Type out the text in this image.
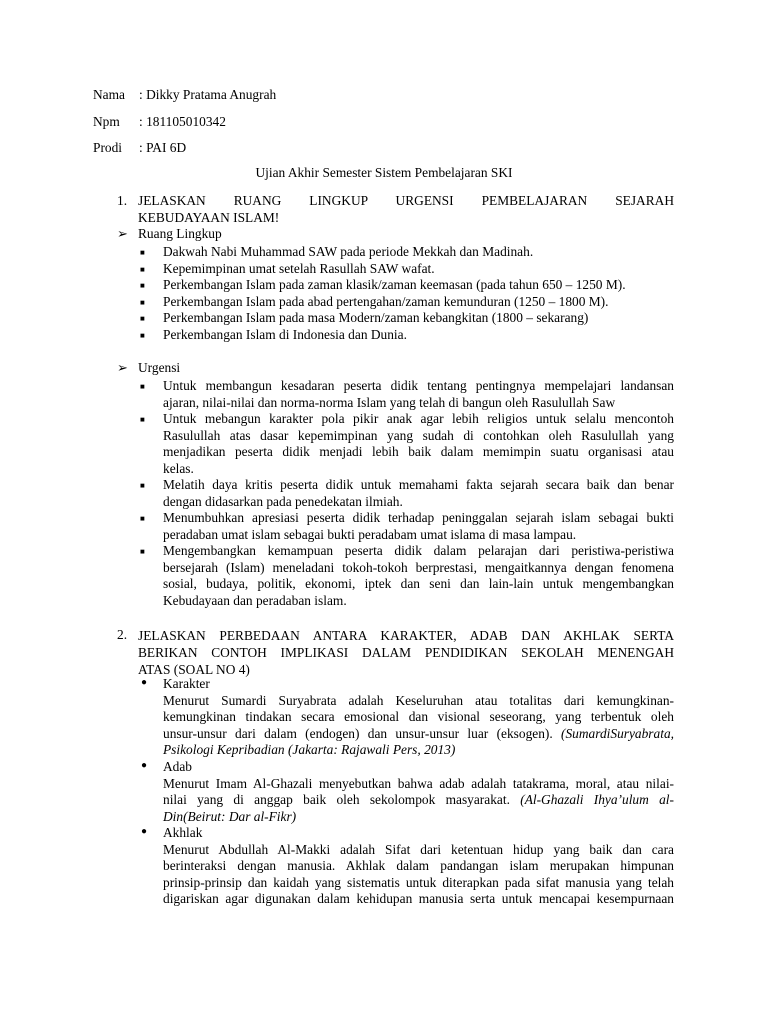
Nama : Dikky Pratama Anugrah
Npm : 181105010342
Prodi : PAI 6D
Ujian Akhir Semester Sistem Pembelajaran SKI
1. JELASKAN RUANG LINGKUP URGENSI PEMBELAJARAN SEJARAH
KEBUDAYAAN ISLAM!
➢ Ruang Lingkup
■ Dakwah Nabi Muhammad SAW pada periode Mekkah dan Madinah.
■ Kepemimpinan umat setelah Rasullah SAW wafat.
■ Perkembangan Islam pada zaman klasik/zaman keemasan (pada tahun 650 – 1250 M).
■ Perkembangan Islam pada abad pertengahan/zaman kemunduran (1250 – 1800 M).
■ Perkembangan Islam pada masa Modern/zaman kebangkitan (1800 – sekarang)
■ Perkembangan Islam di Indonesia dan Dunia.
➢ Urgensi
■ Untuk membangun kesadaran peserta didik tentang pentingnya mempelajari landansan
ajaran, nilai-nilai dan norma-norma Islam yang telah di bangun oleh Rasulullah Saw
■ Untuk mebangun karakter pola pikir anak agar lebih religios untuk selalu mencontoh
Rasulullah atas dasar kepemimpinan yang sudah di contohkan oleh Rasulullah yang
menjadikan peserta didik menjadi lebih baik dalam memimpin suatu organisasi atau
kelas.
■ Melatih daya kritis peserta didik untuk memahami fakta sejarah secara baik dan benar
dengan didasarkan pada penedekatan ilmiah.
■ Menumbuhkan apresiasi peserta didik terhadap peninggalan sejarah islam sebagai bukti
peradaban umat islam sebagai bukti peradabam umat islama di masa lampau.
■ Mengembangkan kemampuan peserta didik dalam pelarajan dari peristiwa-peristiwa
bersejarah (Islam) meneladani tokoh-tokoh berprestasi, mengaitkannya dengan fenomena
sosial, budaya, politik, ekonomi, iptek dan seni dan lain-lain untuk mengembangkan
Kebudayaan dan peradaban islam.
2. JELASKAN PERBEDAAN ANTARA KARAKTER, ADAB DAN AKHLAK SERTA
BERIKAN CONTOH IMPLIKASI DALAM PENDIDIKAN SEKOLAH MENENGAH
ATAS (SOAL NO 4)
● Karakter
Menurut Sumardi Suryabrata adalah Keseluruhan atau totalitas dari kemungkinan-
kemungkinan tindakan secara emosional dan visional seseorang, yang terbentuk oleh
unsur-unsur dari dalam (endogen) dan unsur-unsur luar (eksogen). (SumardiSuryabrata,
Psikologi Kepribadian (Jakarta: Rajawali Pers, 2013)
● Adab
Menurut Imam Al-Ghazali menyebutkan bahwa adab adalah tatakrama, moral, atau nilai-
nilai yang di anggap baik oleh sekolompok masyarakat. (Al-Ghazali Ihya’ulum al-
Din(Beirut: Dar al-Fikr)
● Akhlak
Menurut Abdullah Al-Makki adalah Sifat dari ketentuan hidup yang baik dan cara
berinteraksi dengan manusia. Akhlak dalam pandangan islam merupakan himpunan
prinsip-prinsip dan kaidah yang sistematis untuk diterapkan pada sifat manusia yang telah
digariskan agar digunakan dalam kehidupan manusia serta untuk mencapai kesempurnaan
